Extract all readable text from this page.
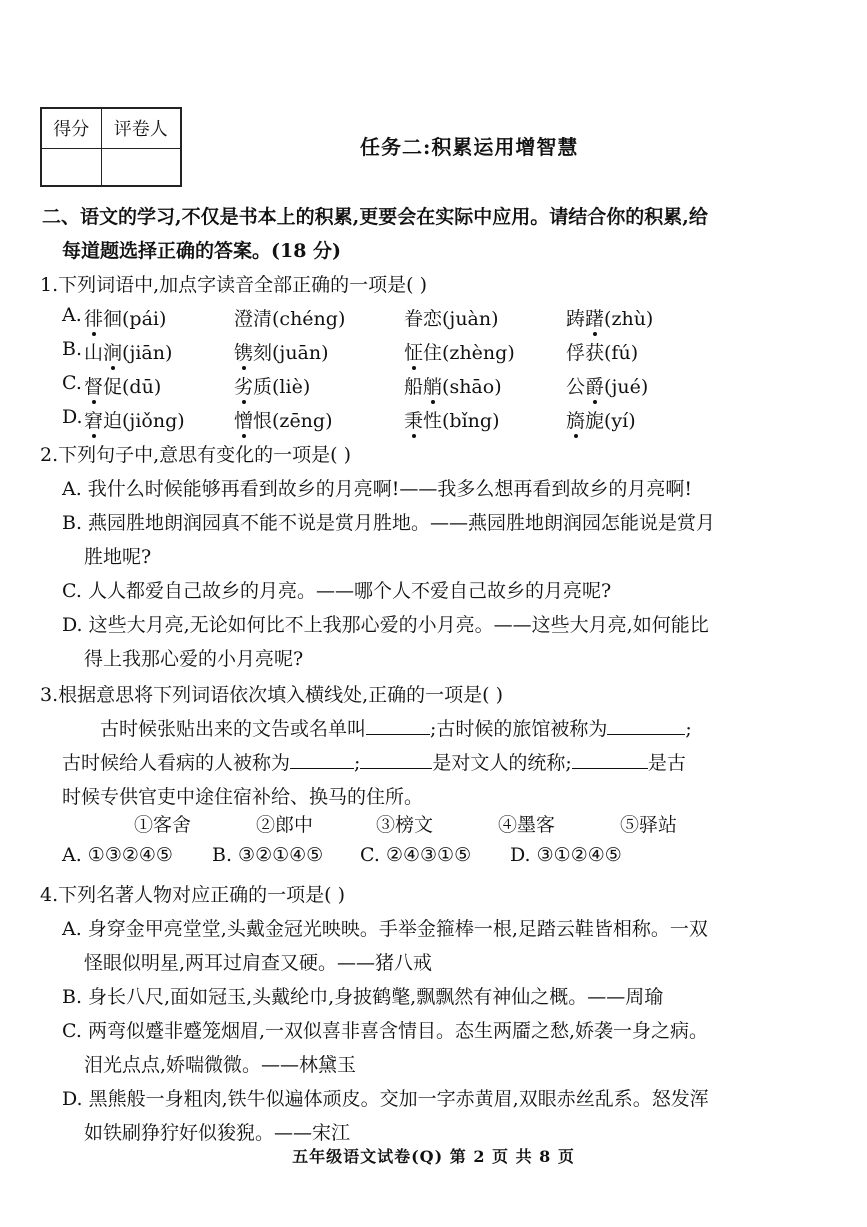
得分	评卷人

任务二:积累运用增智慧
二、语文的学习,不仅是书本上的积累,更要会在实际中应用。请结合你的积累,给
每道题选择正确的答案。(18 分)
1.下列词语中,加点字读音全部正确的一项是( )
A. 徘徊(pái)	澄清(chéng)	眷恋(juàn)	踌躇(zhù)
B. 山涧(jiān)	镌刻(juān)	怔住(zhèng)	俘获(fú)
C. 督促(dū)	劣质(liè)	船艄(shāo)	公爵(jué)
D. 窘迫(jiǒng)	憎恨(zēng)	秉性(bǐng)	旖旎(yí)
2.下列句子中,意思有变化的一项是( )
A. 我什么时候能够再看到故乡的月亮啊!——我多么想再看到故乡的月亮啊!
B. 燕园胜地朗润园真不能不说是赏月胜地。——燕园胜地朗润园怎能说是赏月
胜地呢?
C. 人人都爱自己故乡的月亮。——哪个人不爱自己故乡的月亮呢?
D. 这些大月亮,无论如何比不上我那心爱的小月亮。——这些大月亮,如何能比
得上我那心爱的小月亮呢?
3.根据意思将下列词语依次填入横线处,正确的一项是( )
古时候张贴出来的文告或名单叫	;古时候的旅馆被称为	;
古时候给人看病的人被称为	;	是对文人的统称;	是古
时候专供官吏中途住宿补给、换马的住所。
①客舍	②郎中	③榜文	④墨客	⑤驿站
A. ①③②④⑤ B. ③②①④⑤ C. ②④③①⑤ D. ③①②④⑤
4.下列名著人物对应正确的一项是( )
A. 身穿金甲亮堂堂,头戴金冠光映映。手举金箍棒一根,足踏云鞋皆相称。一双
怪眼似明星,两耳过肩查又硬。——猪八戒
B. 身长八尺,面如冠玉,头戴纶巾,身披鹤氅,飘飘然有神仙之概。——周瑜
C. 两弯似蹙非蹙笼烟眉,一双似喜非喜含情目。态生两靥之愁,娇袭一身之病。
泪光点点,娇喘微微。——林黛玉
D. 黑熊般一身粗肉,铁牛似遍体顽皮。交加一字赤黄眉,双眼赤丝乱系。怒发浑
如铁刷狰狞好似狻猊。——宋江
五年级语文试卷(Q) 第 2 页 共 8 页
